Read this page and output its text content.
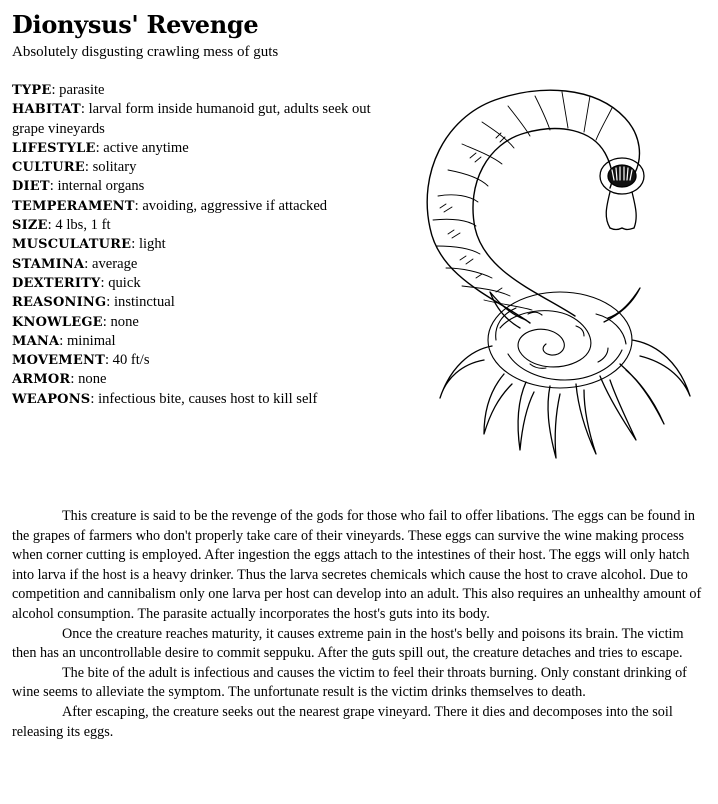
Dionysus' Revenge
Absolutely disgusting crawling mess of guts

TYPE: parasite

HABITAT: larval form inside humanoid gut, adults seek out grape vineyards

LIFESTYLE: active anytime

CULTURE: solitary

DIET: internal organs

TEMPERAMENT: avoiding, aggressive if attacked

SIZE: 4 lbs, 1 ft

MUSCULATURE: light

STAMINA: average

DEXTERITY: quick

REASONING: instinctual

KNOWLEGE: none

MANA: minimal

MOVEMENT: 40 ft/s

ARMOR: none

WEAPONS: infectious bite, causes host to kill self

This creature is said to be the revenge of the gods for those who fail to offer libations. The eggs can be found in the grapes of farmers who don't properly take care of their vineyards. These eggs can survive the wine making process when corner cutting is employed. After ingestion the eggs attach to the intestines of their host. The eggs will only hatch into larva if the host is a heavy drinker. Thus the larva secretes chemicals which cause the host to crave alcohol. Due to competition and cannibalism only one larva per host can develop into an adult. This also requires an unhealthy amount of alcohol consumption. The parasite actually incorporates the host's guts into its body.

Once the creature reaches maturity, it causes extreme pain in the host's belly and poisons its brain. The victim then has an uncontrollable desire to commit seppuku. After the guts spill out, the creature detaches and tries to escape.

The bite of the adult is infectious and causes the victim to feel their throats burning. Only constant drinking of wine seems to alleviate the symptom. The unfortunate result is the victim drinks themselves to death.

After escaping, the creature seeks out the nearest grape vineyard. There it dies and decomposes into the soil releasing its eggs.
